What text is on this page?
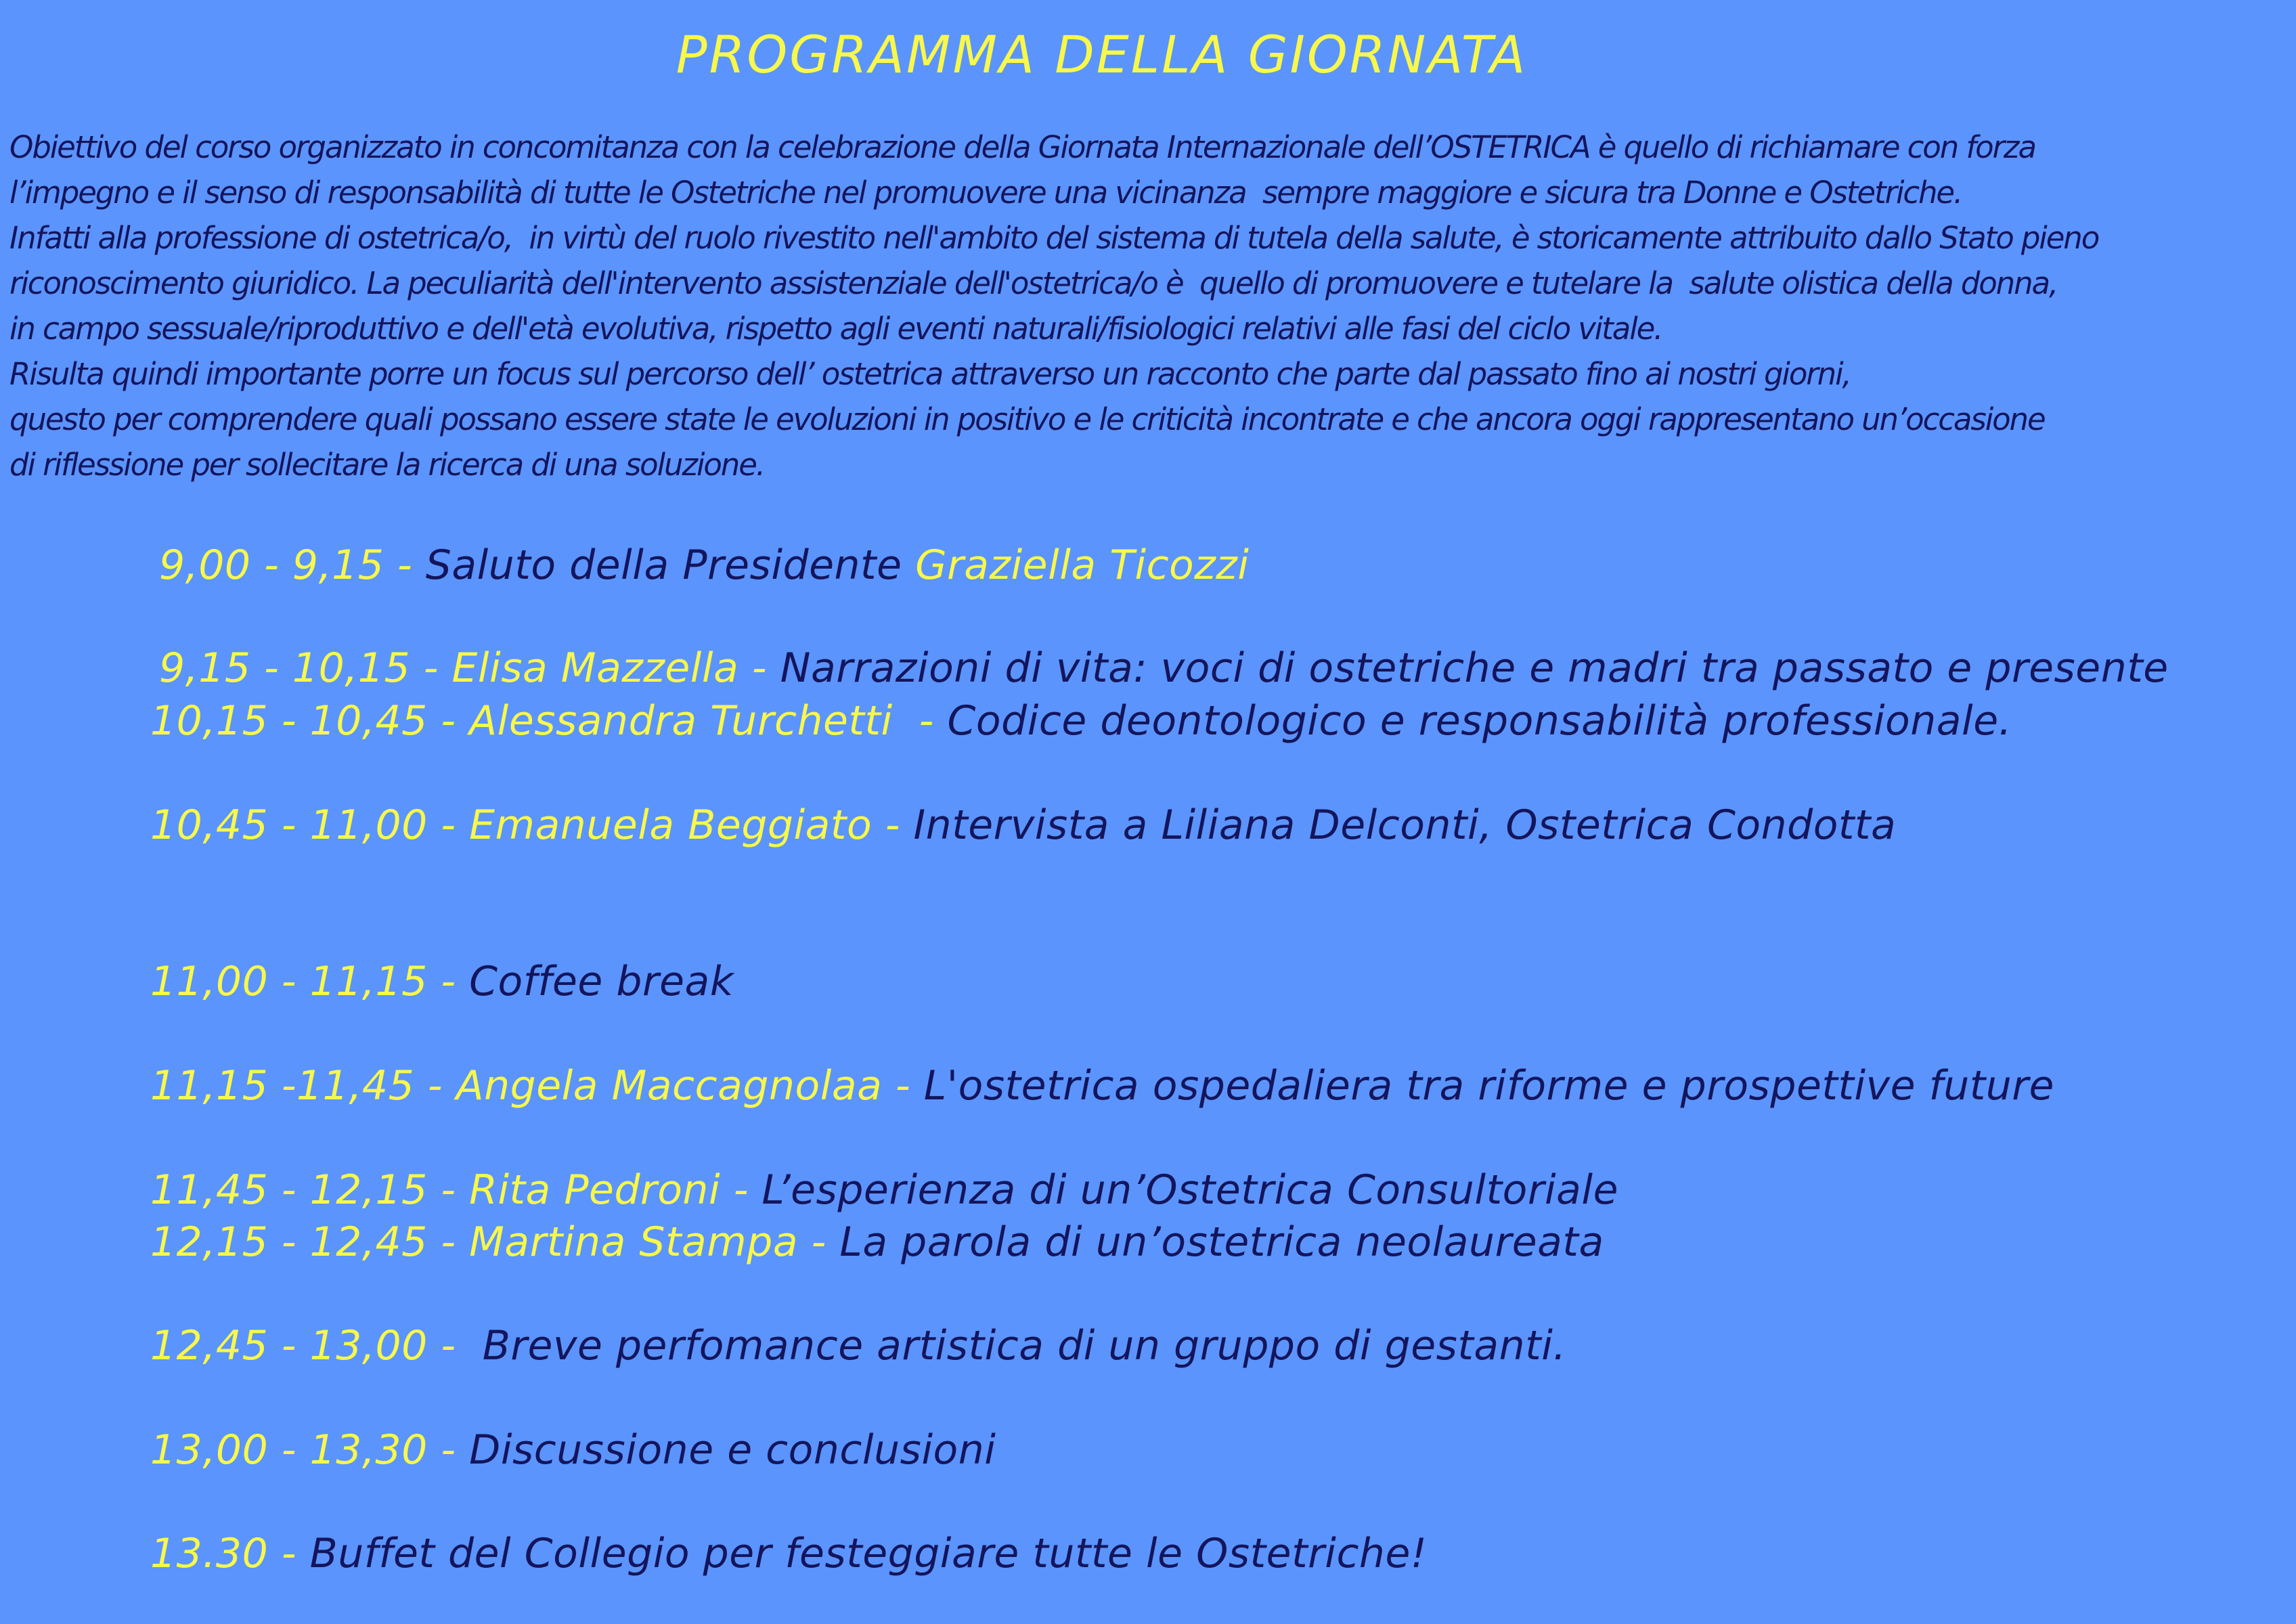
PROGRAMMA DELLA GIORNATA
Obiettivo del corso organizzato in concomitanza con la celebrazione della Giornata Internazionale dell’OSTETRICA è quello di richiamare con forza
l’impegno e il senso di responsabilità di tutte le Ostetriche nel promuovere una vicinanza  sempre maggiore e sicura tra Donne e Ostetriche.
Infatti alla professione di ostetrica/o,  in virtù del ruolo rivestito nell'ambito del sistema di tutela della salute, è storicamente attribuito dallo Stato pieno
riconoscimento giuridico. La peculiarità dell'intervento assistenziale dell'ostetrica/o è  quello di promuovere e tutelare la  salute olistica della donna,
in campo sessuale/riproduttivo e dell'età evolutiva, rispetto agli eventi naturali/fisiologici relativi alle fasi del ciclo vitale.
Risulta quindi importante porre un focus sul percorso dell’ ostetrica attraverso un racconto che parte dal passato fino ai nostri giorni,
questo per comprendere quali possano essere state le evoluzioni in positivo e le criticità incontrate e che ancora oggi rappresentano un’occasione
di riflessione per sollecitare la ricerca di una soluzione.
9,00 - 9,15 - Saluto della Presidente Graziella Ticozzi
9,15 - 10,15 - Elisa Mazzella - Narrazioni di vita: voci di ostetriche e madri tra passato e presente
10,15 - 10,45 - Alessandra Turchetti  - Codice deontologico e responsabilità professionale.
10,45 - 11,00 - Emanuela Beggiato - Intervista a Liliana Delconti, Ostetrica Condotta
11,00 - 11,15 - Coffee break
11,15 -11,45 - Angela Maccagnolaa - L'ostetrica ospedaliera tra riforme e prospettive future
11,45 - 12,15 - Rita Pedroni - L’esperienza di un’Ostetrica Consultoriale
12,15 - 12,45 - Martina Stampa - La parola di un’ostetrica neolaureata
12,45 - 13,00 -  Breve perfomance artistica di un gruppo di gestanti.
13,00 - 13,30 - Discussione e conclusioni
13.30 - Buffet del Collegio per festeggiare tutte le Ostetriche!
